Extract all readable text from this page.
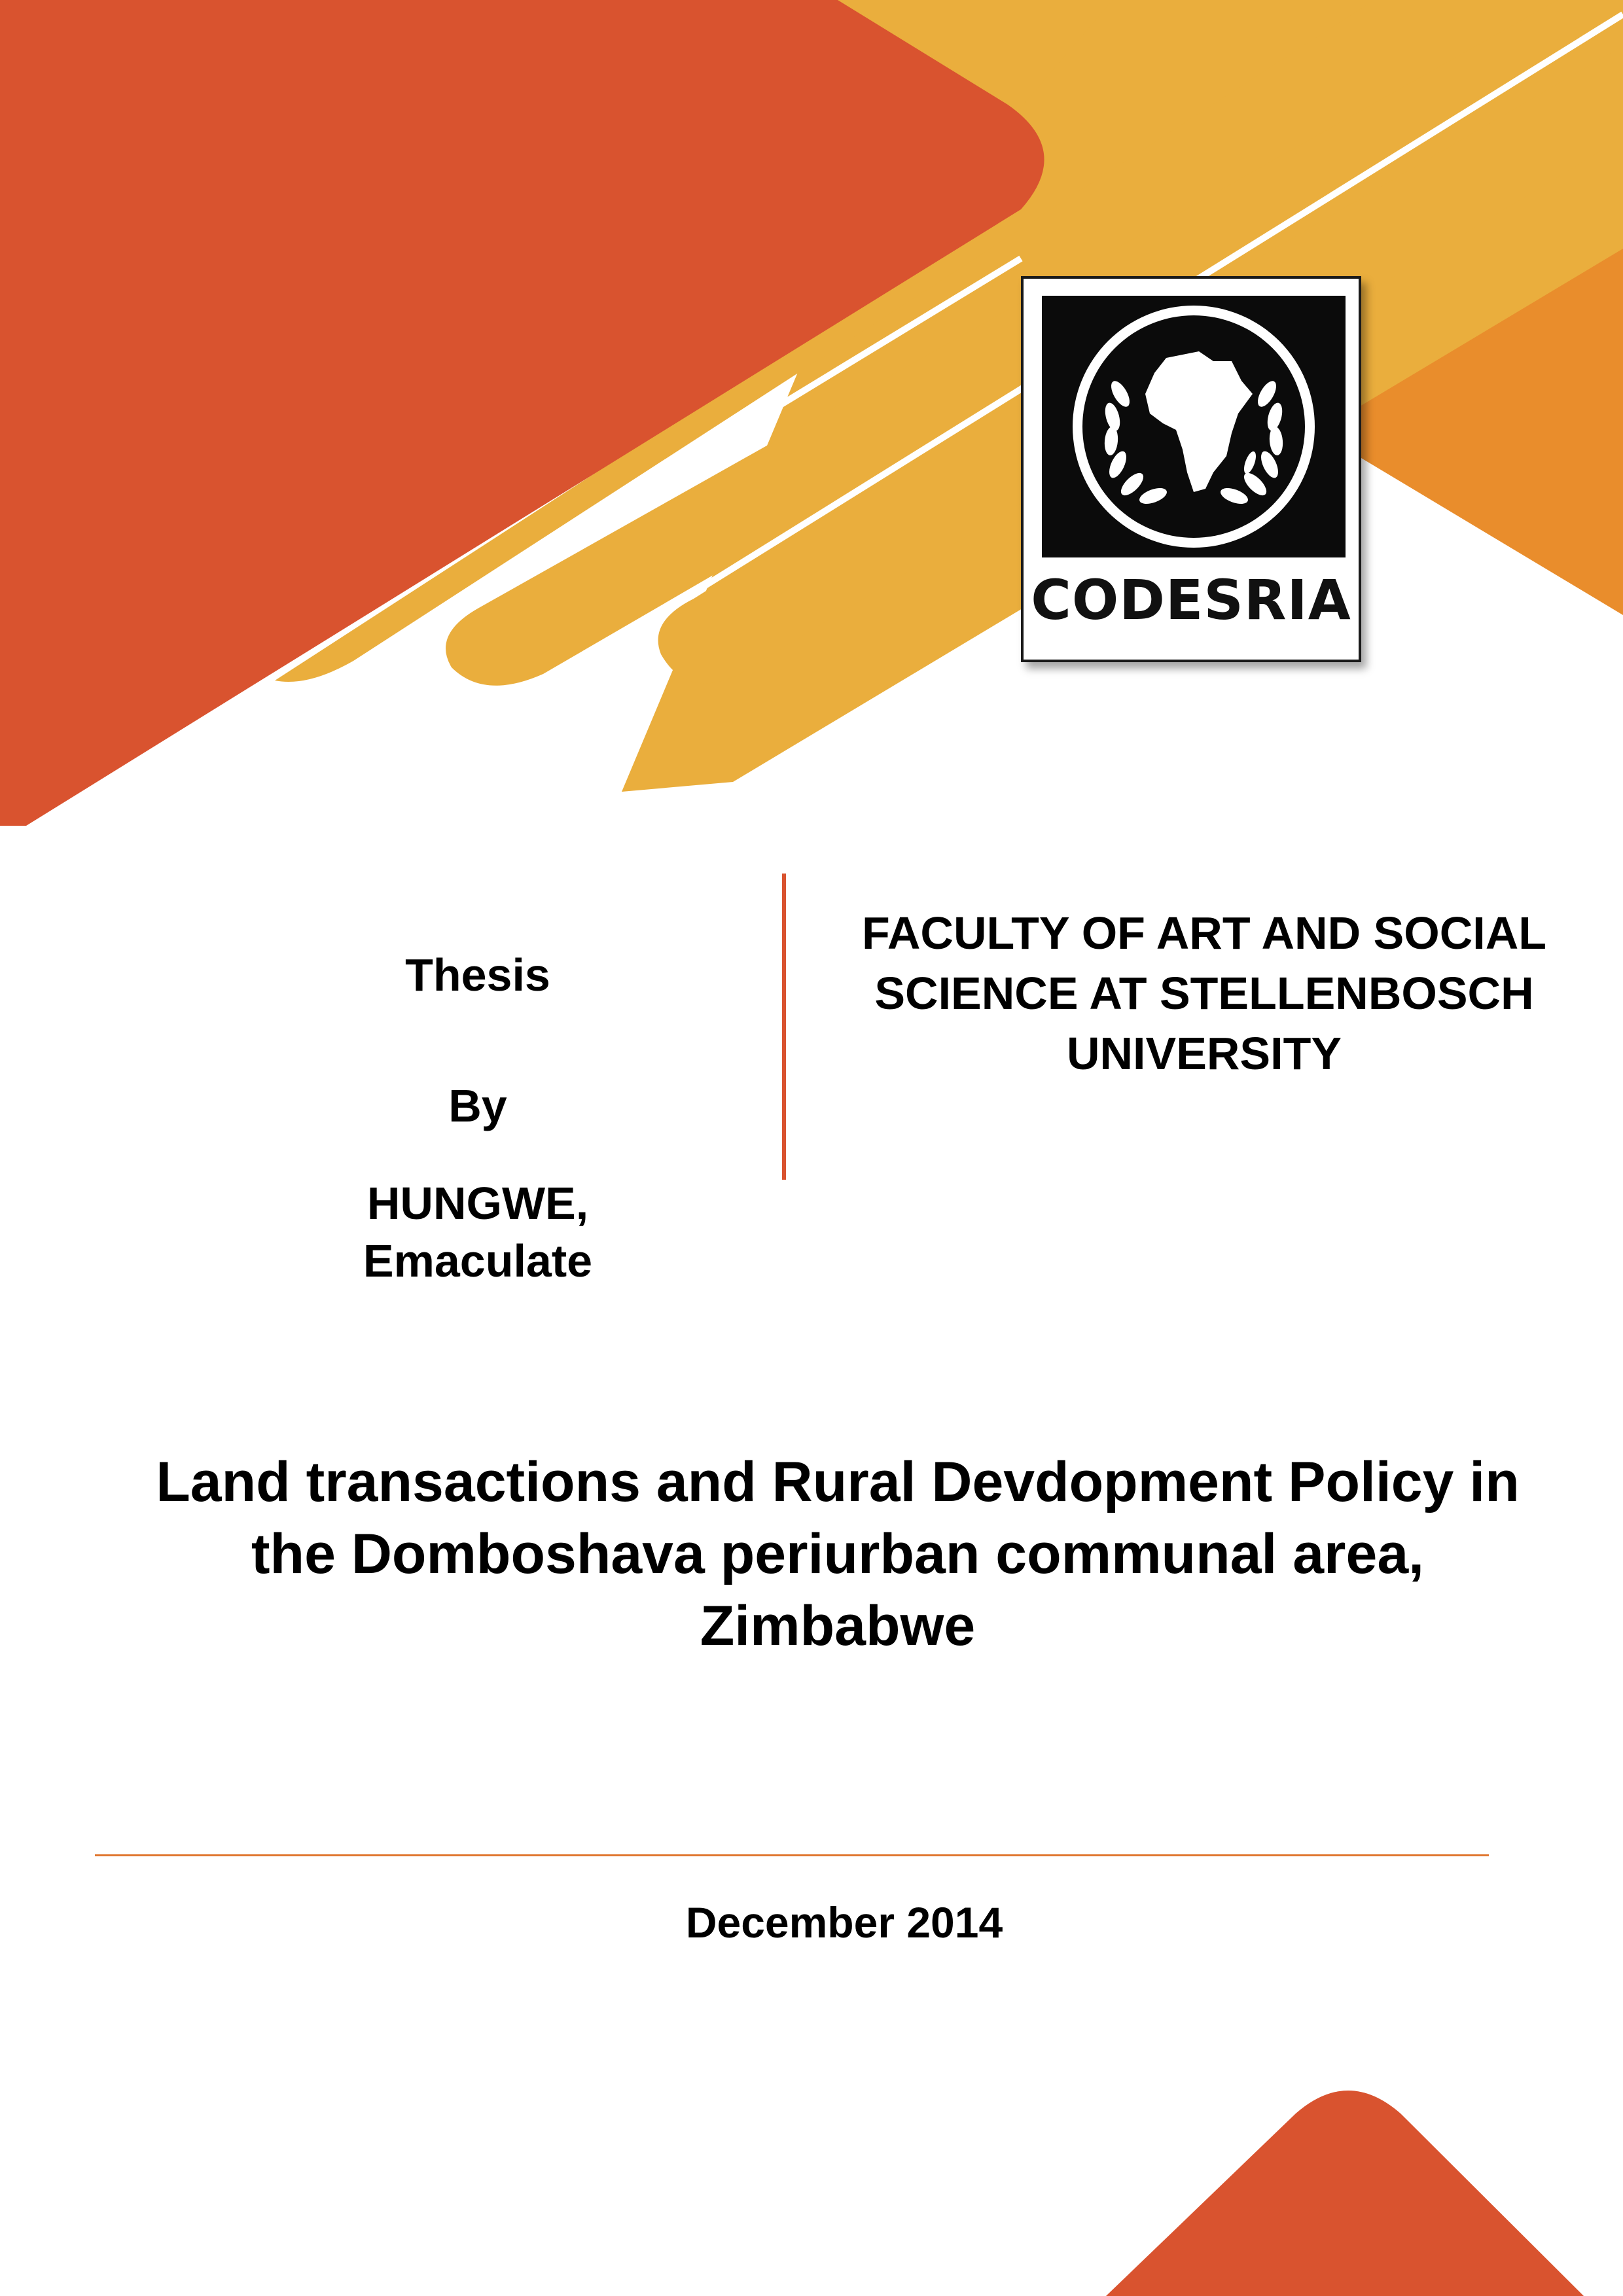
CODESRIA
Thesis
By
HUNGWE, Emaculate
FACULTY OF ART AND SOCIAL SCIENCE AT STELLENBOSCH UNIVERSITY
Land transactions and Rural Devdopment Policy in the Domboshava periurban communal area, Zimbabwe
December 2014
